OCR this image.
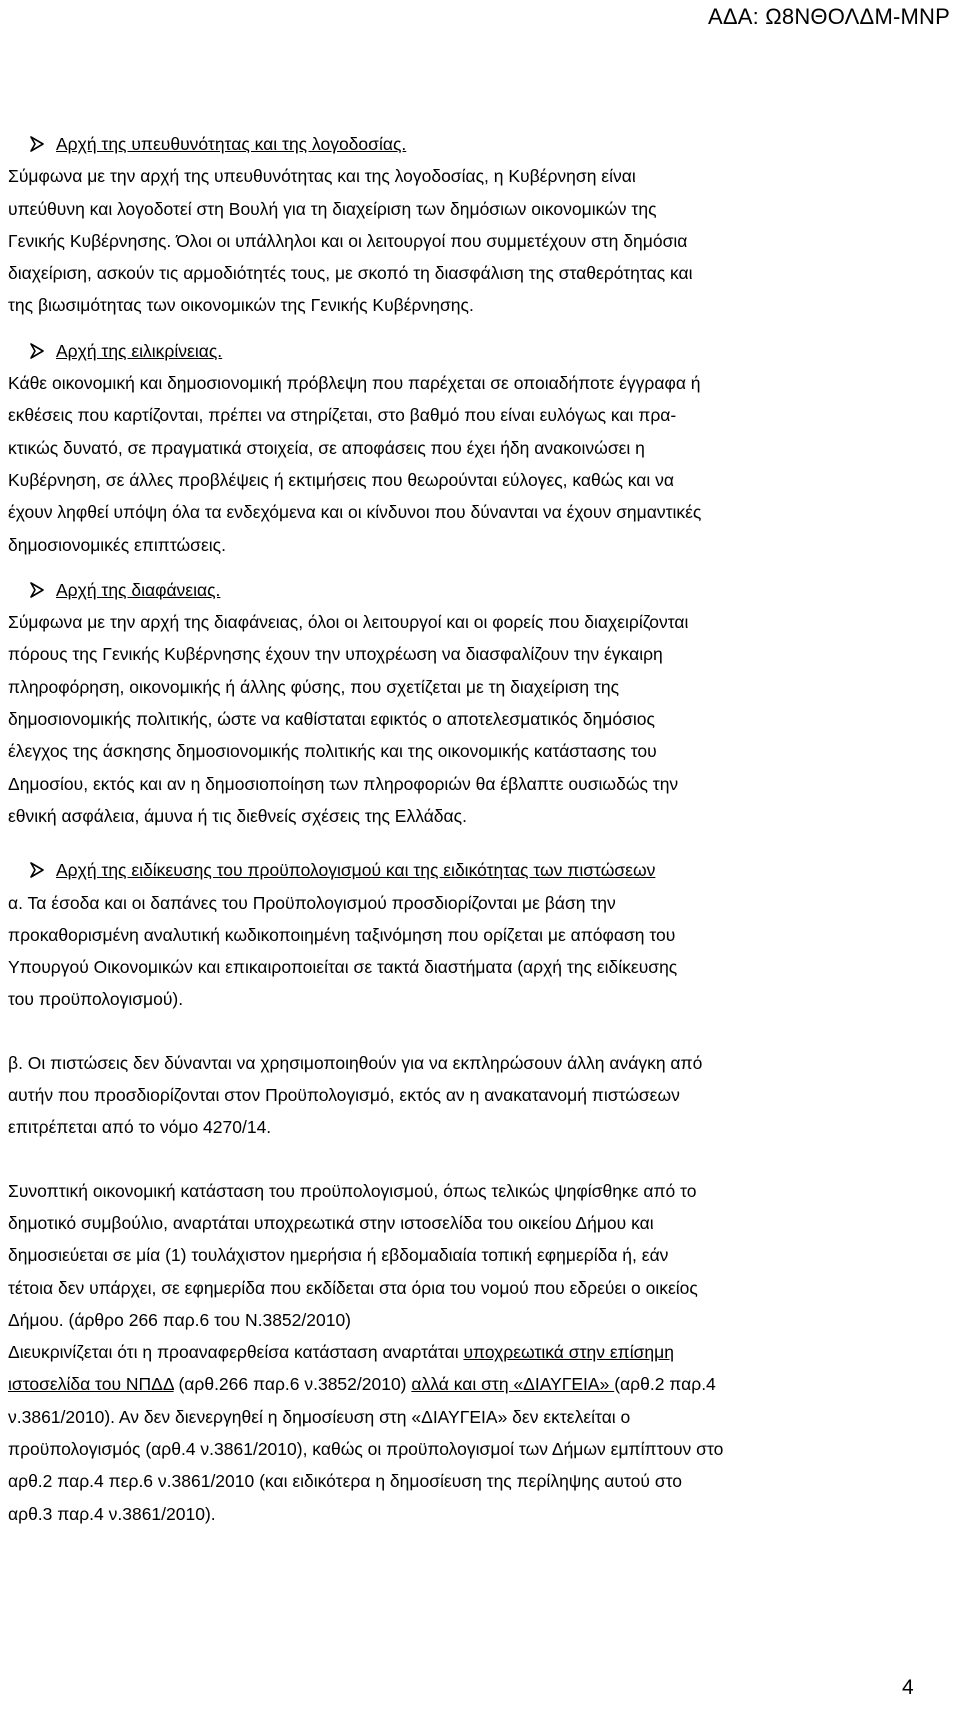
ΑΔΑ: Ω8ΝΘΟΛΔΜ-ΜΝΡ
Αρχή της υπευθυνότητας και της λογοδοσίας.

Σύμφωνα με την αρχή της υπευθυνότητας και της λογοδοσίας, η Κυβέρνηση είναι

υπεύθυνη και λογοδοτεί στη Βουλή για τη διαχείριση των δημόσιων οικονομικών της

Γενικής Κυβέρνησης. Όλοι οι υπάλληλοι και οι λειτουργοί που συμμετέχουν στη δημόσια

διαχείριση, ασκούν τις αρμοδιότητές τους, με σκοπό τη διασφάλιση της σταθερότητας και

της βιωσιμότητας των οικονομικών της Γενικής Κυβέρνησης.

Αρχή της ειλικρίνειας.

Κάθε οικονομική και δημοσιονομική πρόβλεψη που παρέχεται σε οποιαδήποτε έγγραφα ή

εκθέσεις που καρτίζονται, πρέπει να στηρίζεται, στο βαθμό που είναι ευλόγως και πρα-

κτικώς δυνατό, σε πραγματικά στοιχεία, σε αποφάσεις που έχει ήδη ανακοινώσει η

Κυβέρνηση, σε άλλες προβλέψεις ή εκτιμήσεις που θεωρούνται εύλογες, καθώς και να

έχουν ληφθεί υπόψη όλα τα ενδεχόμενα και οι κίνδυνοι που δύνανται να έχουν σημαντικές

δημοσιονομικές επιπτώσεις.

Αρχή της διαφάνειας.

Σύμφωνα με την αρχή της διαφάνειας, όλοι οι λειτουργοί και οι φορείς που διαχειρίζονται

πόρους της Γενικής Κυβέρνησης έχουν την υποχρέωση να διασφαλίζουν την έγκαιρη

πληροφόρηση, οικονομικής ή άλλης φύσης, που σχετίζεται με τη διαχείριση της

δημοσιονομικής πολιτικής, ώστε να καθίσταται εφικτός ο αποτελεσματικός δημόσιος

έλεγχος της άσκησης δημοσιονομικής πολιτικής και της οικονομικής κατάστασης του

Δημοσίου, εκτός και αν η δημοσιοποίηση των πληροφοριών θα έβλαπτε ουσιωδώς την

εθνική ασφάλεια, άμυνα ή τις διεθνείς σχέσεις της Ελλάδας.

Αρχή της ειδίκευσης του προϋπολογισμού και της ειδικότητας των πιστώσεων

α. Τα έσοδα και οι δαπάνες του Προϋπολογισμού προσδιορίζονται με βάση την

προκαθορισμένη αναλυτική κωδικοποιημένη ταξινόμηση που ορίζεται με απόφαση του

Υπουργού Οικονομικών και επικαιροποιείται σε τακτά διαστήματα (αρχή της ειδίκευσης

του προϋπολογισμού).

β. Οι πιστώσεις δεν δύνανται να χρησιμοποιηθούν για να εκπληρώσουν άλλη ανάγκη από

αυτήν που προσδιορίζονται στον Προϋπολογισμό, εκτός αν η ανακατανομή πιστώσεων

επιτρέπεται από το νόμο 4270/14.

Συνοπτική οικονομική κατάσταση του προϋπολογισμού, όπως τελικώς ψηφίσθηκε από το

δημοτικό συμβούλιο, αναρτάται υποχρεωτικά στην ιστοσελίδα του οικείου Δήμου και

δημοσιεύεται σε μία (1) τουλάχιστον ημερήσια ή εβδομαδιαία τοπική εφημερίδα ή, εάν

τέτοια δεν υπάρχει, σε εφημερίδα που εκδίδεται στα όρια του νομού που εδρεύει ο οικείος

Δήμου. (άρθρο 266 παρ.6 του Ν.3852/2010)

Διευκρινίζεται ότι η προαναφερθείσα κατάσταση αναρτάται υποχρεωτικά στην επίσημη

ιστοσελίδα του ΝΠΔΔ (αρθ.266 παρ.6 ν.3852/2010) αλλά και στη «ΔΙΑΥΓΕΙΑ» (αρθ.2 παρ.4

ν.3861/2010). Αν δεν διενεργηθεί η δημοσίευση στη «ΔΙΑΥΓΕΙΑ» δεν εκτελείται ο

προϋπολογισμός (αρθ.4 ν.3861/2010), καθώς οι προϋπολογισμοί των Δήμων εμπίπτουν στο

αρθ.2 παρ.4 περ.6 ν.3861/2010 (και ειδικότερα η δημοσίευση της περίληψης αυτού στο

αρθ.3 παρ.4 ν.3861/2010).

4
